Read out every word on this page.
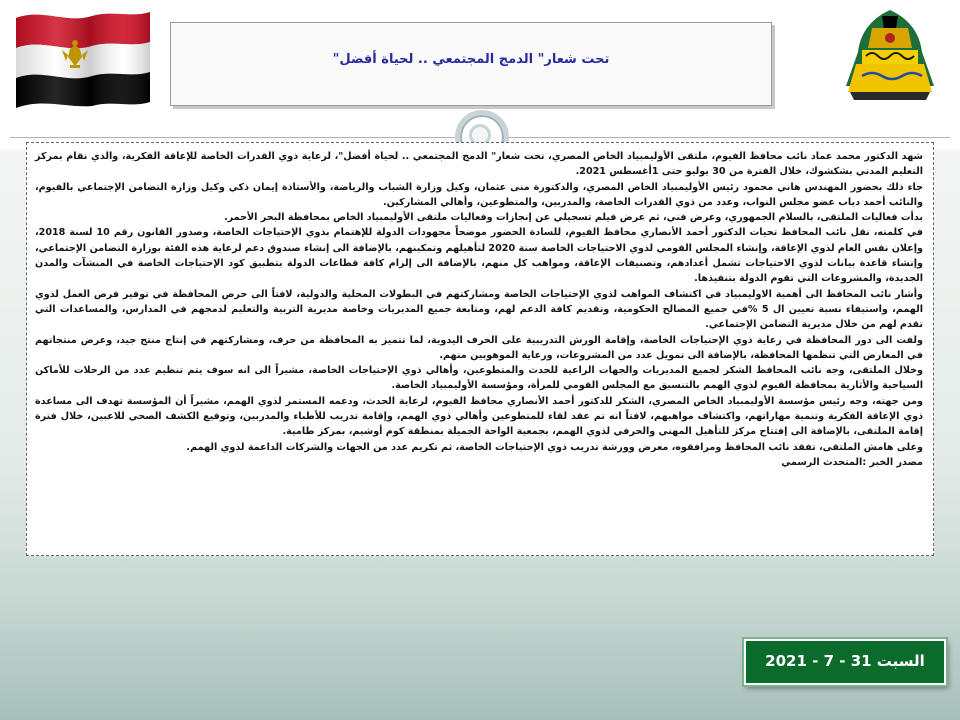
تحت شعار" الدمج المجتمعي .. لحياة أفضل"

شهد الدكتور محمد عماد نائب محافظ الفيوم، ملتقى الأوليمبياد الخاص المصري، تحت شعار" الدمج المجتمعي .. لحياة أفضل"، لرعاية ذوي القدرات الخاصة للإعاقة الفكرية، والذي نقام بمركز التعليم المدني بشكشوك، خلال الفترة من 30 يوليو حتى 1أغسطس 2021.

جاء ذلك بحضور المهندس هاني محمود رئيس الأوليمبياد الخاص المصري، والدكتورة منى عثمان، وكيل وزارة الشباب والرياضة، والأستاذة إيمان ذكي وكيل وزارة التضامن الإجتماعي بالفيوم، والنائب أحمد دياب عضو مجلس النواب، وعدد من ذوي القدرات الخاصة، والمدربين، والمتطوعين، وأهالي المشاركين.

بدأت فعاليات الملتقى، بالسلام الجمهوري، وعرض فني، ثم عرض فيلم تسجيلي عن إنجازات وفعاليات ملتقى الأوليمبياد الخاص بمحافظة البحر الأحمر.

في كلمته، نقل نائب المحافظ تحيات الدكتور أحمد الأنصاري محافظ الفيوم، للسادة الحضور موضحاً مجهودات الدولة للإهتمام بذوي الإحتياجات الخاصة، وصدور القانون رقم 10 لسنة 2018، وإعلان نفس العام لذوي الإعاقة، وإنشاء المجلس القومي لذوي الاحتياجات الخاصة سنة 2020 لتأهيلهم وتمكينهم، بالإضافة الى إنشاء صندوق دعم لرعاية هذه الفئة بوزارة التضامن الإجتماعي، وإنشاء قاعدة بيانات لذوي الاحتياجات تشمل أعدادهم، وتصنيفات الإعاقة، ومواهب كل منهم، بالإضافة الى إلزام كافة قطاعات الدولة بتطبيق كود الإحتياجات الخاصة في المنشآت والمدن الجديدة، والمشروعات التي تقوم الدولة بتنفيذها.

وأشار نائب المحافظ الى أهمية الاوليمبياد في اكتشاف المواهب لذوي الإحتياجات الخاصة ومشاركتهم في البطولات المحلية والدولية، لافتاً الى حرص المحافظة في توفير فرص العمل لذوي الهمم، واستيفاء نسبة تعيين ال 5 %في جميع المصالح الحكومية، وتقديم كافة الدعم لهم، ومتابعة جميع المديريات وخاصة مديرية التربية والتعليم لدمجهم في المدارس، والمساعدات التي تقدم لهم من خلال مديرية التضامن الإجتماعي.

ولفت الى دور المحافظة في رعاية ذوي الإحتياجات الخاصة، وإقامة الورش التدريبية على الحرف اليدوية، لما تتميز به المحافظة من حرف، ومشاركتهم في إنتاج منتج جيد، وعرض منتجاتهم في المعارض التي تنظمها المحافظة، بالإضافة الى تمويل عدد من المشروعات، ورعاية الموهوبين منهم.

وخلال الملتقى، وجه نائب المحافظ الشكر لجميع المديريات والجهات الراعية للحدث والمتطوعين، وأهالي ذوي الإحتياجات الخاصة، مشيراً الى انه سوف يتم تنظيم عدد من الرحلات للأماكن السياحية والأثارية بمحافظة الفيوم لذوي الهمم بالتنسيق مع المجلس القومي للمرأة، ومؤسسة الأوليمبياد الخاصة.

ومن جهته، وجه رئيس مؤسسة الأوليمبياد الخاص المصري، الشكر للدكتور أحمد الأنصاري محافظ الفيوم، لرعاية الحدث، ودعمه المستمر لذوي الهمم، مشيراً أن المؤسسة تهدف الى مساعدة ذوي الإعاقة الفكرية وتنمية مهاراتهم، واكتشاف مواهبهم، لافتاً انه تم عقد لقاء للمتطوعين وأهالي ذوي الهمم، وإقامة تدريب للأطباء والمدربين، وتوقيع الكشف الصحي للاعبين، خلال فترة إقامة الملتقى، بالإضافة الى إفتتاح مركز للتأهيل المهني والحرفي لذوي الهمم، بجمعية الواحة الجميلة بمنطقة كوم أوشيم، بمركز طامية.

وعلى هامش الملتقى، تفقد نائب المحافظ ومرافقوه، معرض وورشة تدريب ذوي الإحتياجات الخاصة، ثم تكريم عدد من الجهات والشركات الداعمة لذوي الهمم.

مصدر الخبر :المتحدث الرسمي

السبت 31 - 7 - 2021
